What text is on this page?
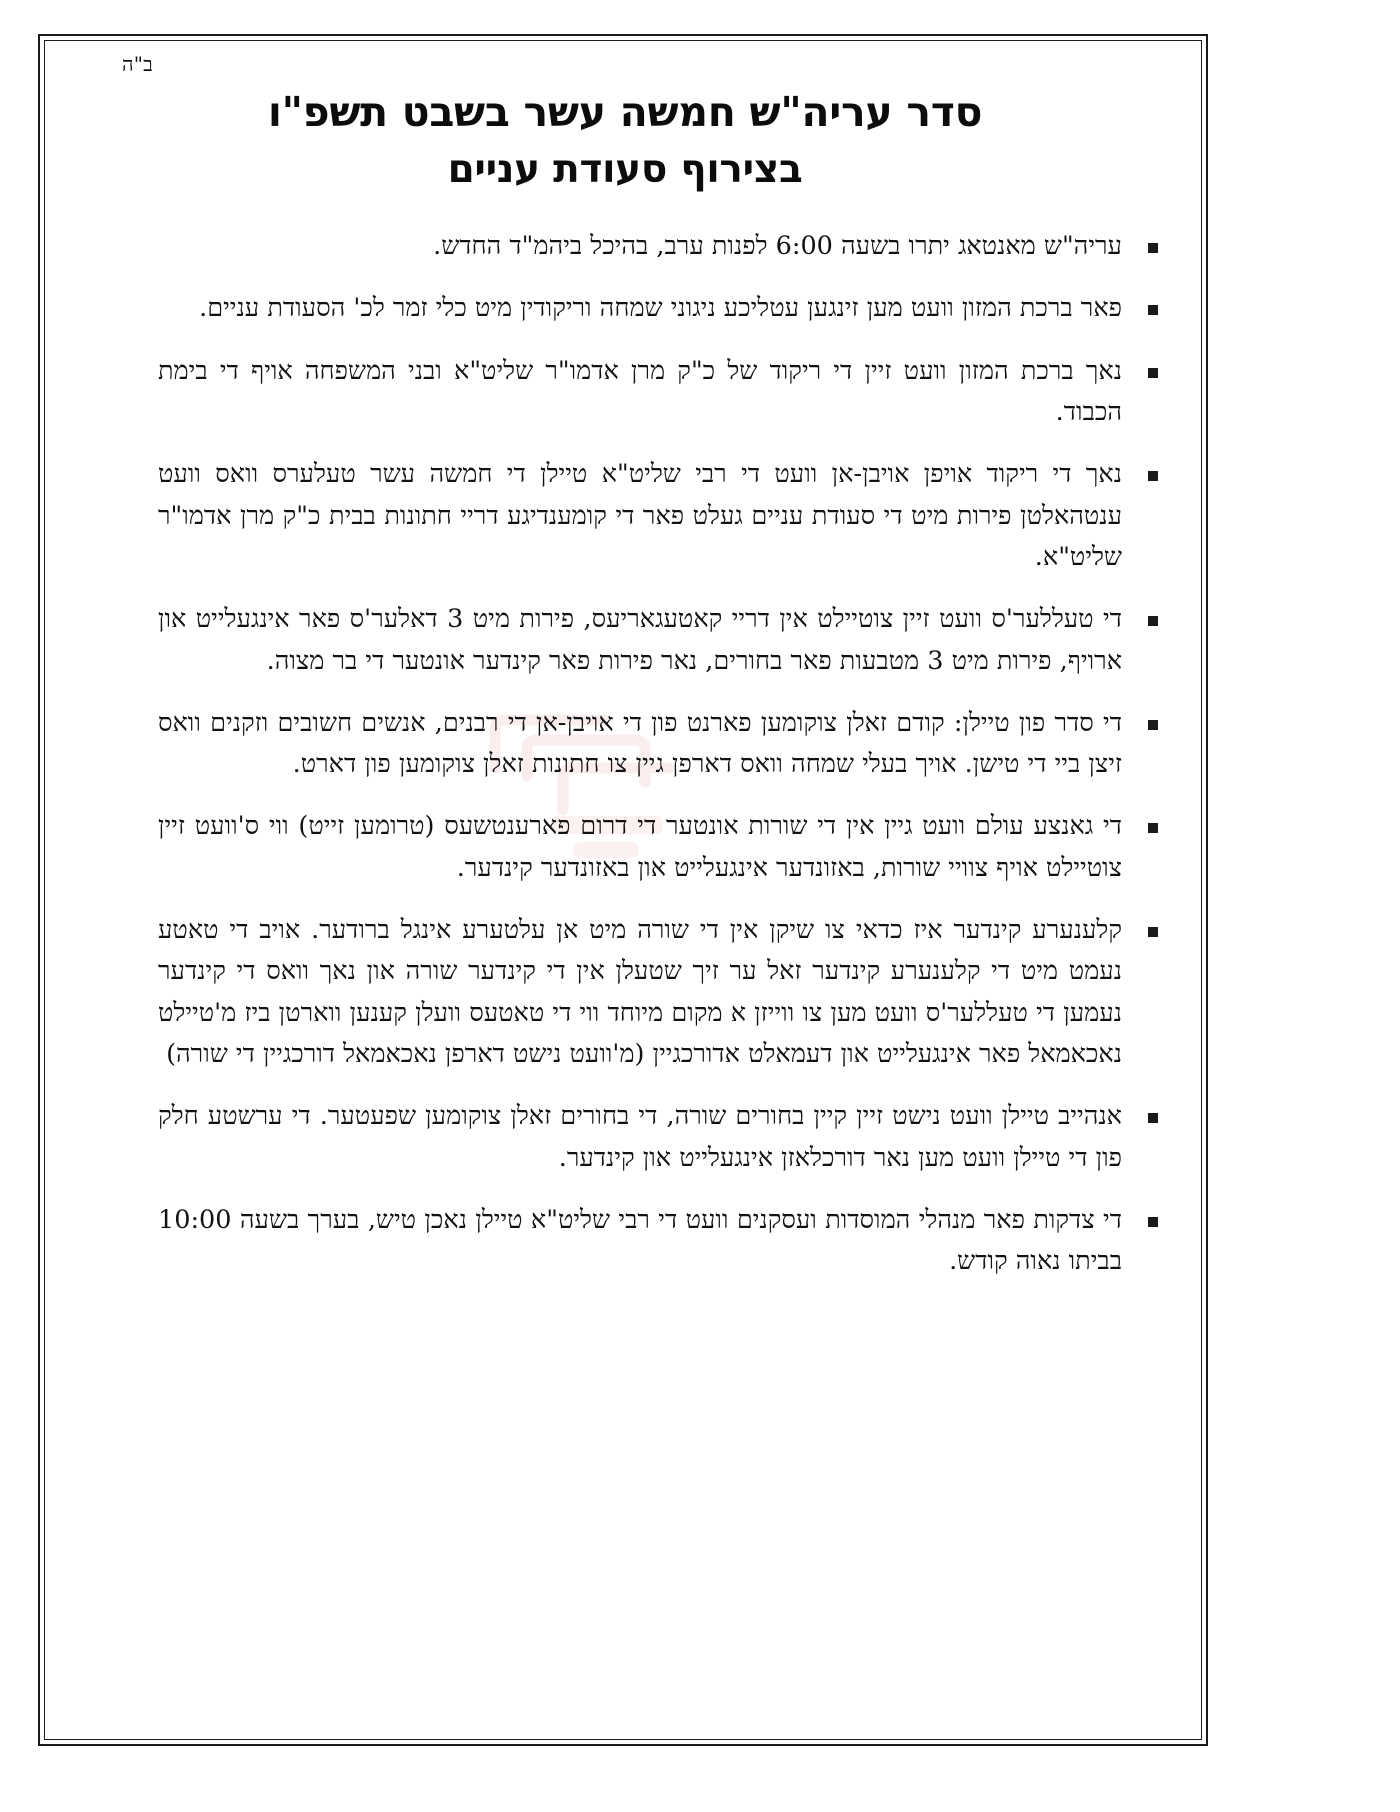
ב"ה
סדר עריה"ש חמשה עשר בשבט תשפ"ו
בצירוף סעודת עניים
עריה"ש מאנטאג יתרו בשעה 6:00 לפנות ערב, בהיכל ביהמ"ד החדש.
פאר ברכת המזון וועט מען זינגען עטליכע ניגוני שמחה וריקודין מיט כלי זמר לכ' הסעודת עניים.
נאך ברכת המזון וועט זיין די ריקוד של כ"ק מרן אדמו"ר שליט"א ובני המשפחה אויף די בימת הכבוד.
נאך די ריקוד אויפן אויבן-אן וועט די רבי שליט"א טיילן די חמשה עשר טעלערס וואס וועט ענטהאלטן פירות מיט די סעודת עניים געלט פאר די קומענדיגע דריי חתונות בבית כ"ק מרן אדמו"ר שליט"א.
די טעללער'ס וועט זיין צוטיילט אין דריי קאטעגאריעס, פירות מיט 3 דאלער'ס פאר אינגעלייט און ארויף, פירות מיט 3 מטבעות פאר בחורים, נאר פירות פאר קינדער אונטער די בר מצוה.
די סדר פון טיילן: קודם זאלן צוקומען פארנט פון די אויבן-אן די רבנים, אנשים חשובים וזקנים וואס זיצן ביי די טישן. אויך בעלי שמחה וואס דארפן גיין צו חתונות זאלן צוקומען פון דארט.
די גאנצע עולם וועט גיין אין די שורות אונטער די דרום פארענטשעס (טרומען זייט) ווי ס'וועט זיין צוטיילט אויף צוויי שורות, באזונדער אינגעלייט און באזונדער קינדער.
קלענערע קינדער איז כדאי צו שיקן אין די שורה מיט אן עלטערע אינגל ברודער. אויב די טאטע נעמט מיט די קלענערע קינדער זאל ער זיך שטעלן אין די קינדער שורה און נאך וואס די קינדער נעמען די טעללער'ס וועט מען צו ווייזן א מקום מיוחד ווי די טאטעס וועלן קענען ווארטן ביז מ'טיילט נאכאמאל פאר אינגעלייט און דעמאלט אדורכגיין (מ'וועט נישט דארפן נאכאמאל דורכגיין די שורה)
אנהייב טיילן וועט נישט זיין קיין בחורים שורה, די בחורים זאלן צוקומען שפעטער. די ערשטע חלק פון די טיילן וועט מען נאר דורכלאזן אינגעלייט און קינדער.
די צדקות פאר מנהלי המוסדות ועסקנים וועט די רבי שליט"א טיילן נאכן טיש, בערך בשעה 10:00 בביתו נאוה קודש.
